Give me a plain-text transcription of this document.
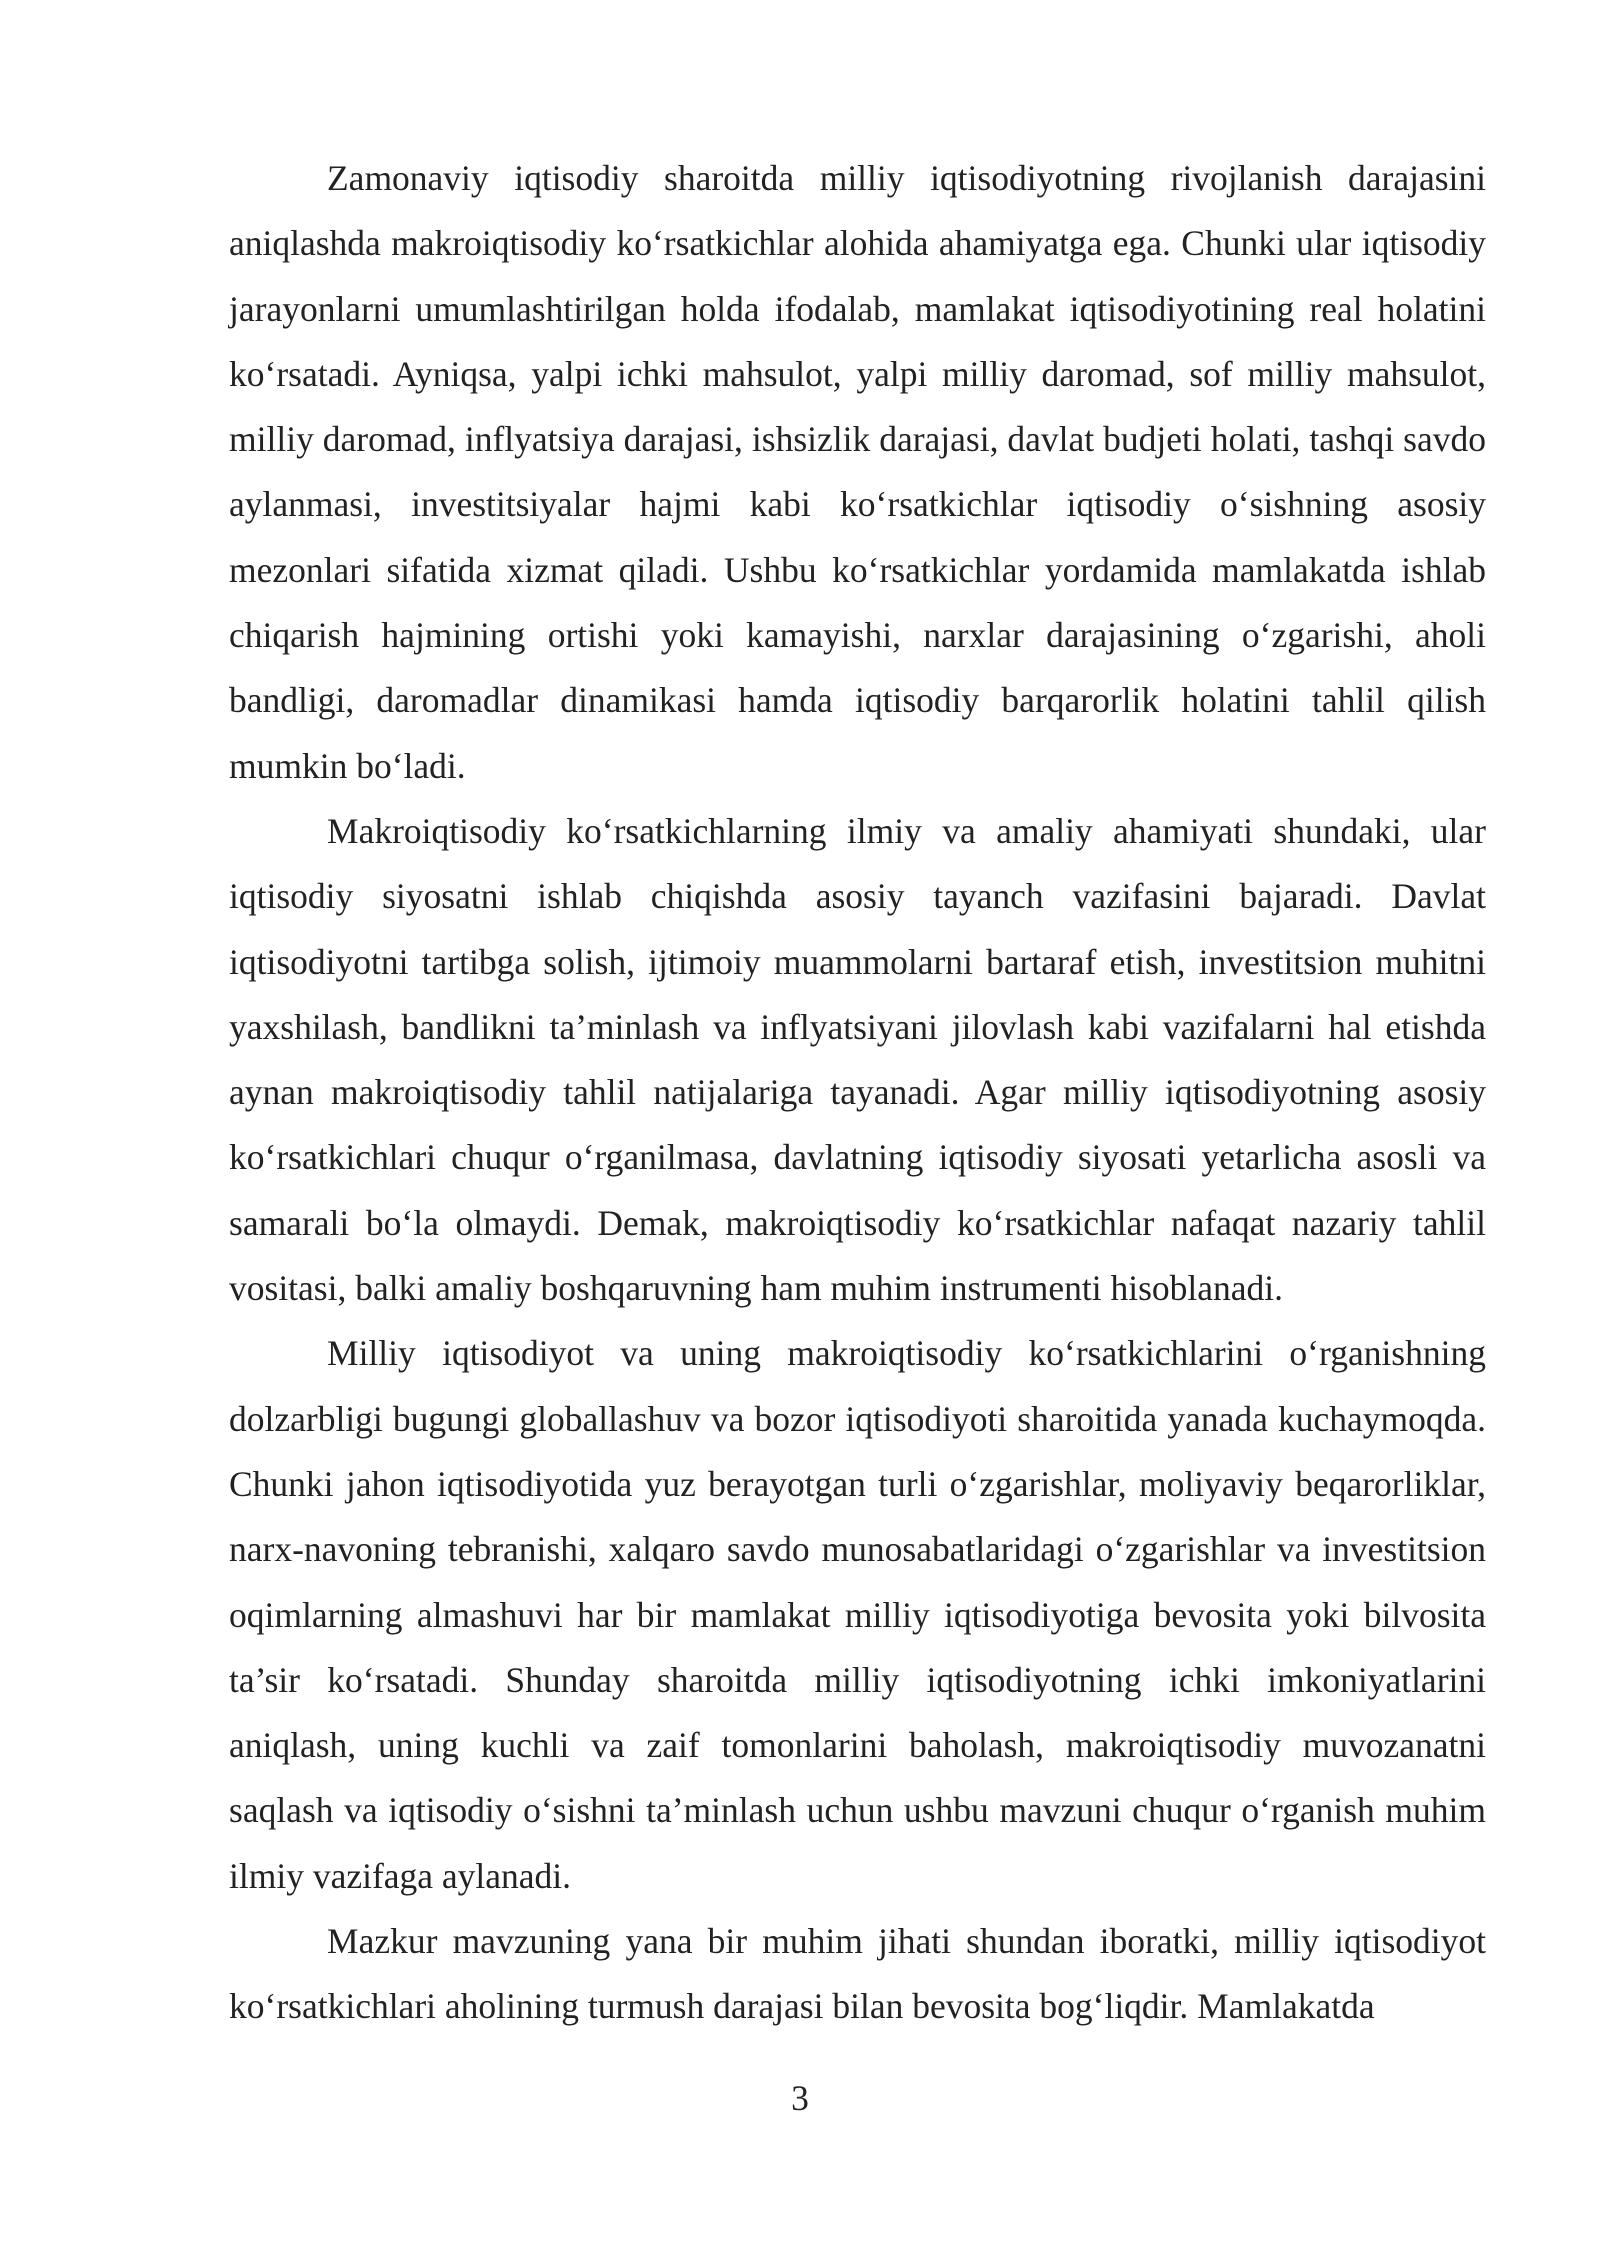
Zamonaviy iqtisodiy sharoitda milliy iqtisodiyotning rivojlanish darajasini aniqlashda makroiqtisodiy ko‘rsatkichlar alohida ahamiyatga ega. Chunki ular iqtisodiy jarayonlarni umumlashtirilgan holda ifodalab, mamlakat iqtisodiyotining real holatini ko‘rsatadi. Ayniqsa, yalpi ichki mahsulot, yalpi milliy daromad, sof milliy mahsulot, milliy daromad, inflyatsiya darajasi, ishsizlik darajasi, davlat budjeti holati, tashqi savdo aylanmasi, investitsiyalar hajmi kabi ko‘rsatkichlar iqtisodiy o‘sishning asosiy mezonlari sifatida xizmat qiladi. Ushbu ko‘rsatkichlar yordamida mamlakatda ishlab chiqarish hajmining ortishi yoki kamayishi, narxlar darajasining o‘zgarishi, aholi bandligi, daromadlar dinamikasi hamda iqtisodiy barqarorlik holatini tahlil qilish mumkin bo‘ladi.

Makroiqtisodiy ko‘rsatkichlarning ilmiy va amaliy ahamiyati shundaki, ular iqtisodiy siyosatni ishlab chiqishda asosiy tayanch vazifasini bajaradi. Davlat iqtisodiyotni tartibga solish, ijtimoiy muammolarni bartaraf etish, investitsion muhitni yaxshilash, bandlikni ta’minlash va inflyatsiyani jilovlash kabi vazifalarni hal etishda aynan makroiqtisodiy tahlil natijalariga tayanadi. Agar milliy iqtisodiyotning asosiy ko‘rsatkichlari chuqur o‘rganilmasa, davlatning iqtisodiy siyosati yetarlicha asosli va samarali bo‘la olmaydi. Demak, makroiqtisodiy ko‘rsatkichlar nafaqat nazariy tahlil vositasi, balki amaliy boshqaruvning ham muhim instrumenti hisoblanadi.

Milliy iqtisodiyot va uning makroiqtisodiy ko‘rsatkichlarini o‘rganishning dolzarbligi bugungi globallashuv va bozor iqtisodiyoti sharoitida yanada kuchaymoqda. Chunki jahon iqtisodiyotida yuz berayotgan turli o‘zgarishlar, moliyaviy beqarorliklar, narx-navoning tebranishi, xalqaro savdo munosabatlaridagi o‘zgarishlar va investitsion oqimlarning almashuvi har bir mamlakat milliy iqtisodiyotiga bevosita yoki bilvosita ta’sir ko‘rsatadi. Shunday sharoitda milliy iqtisodiyotning ichki imkoniyatlarini aniqlash, uning kuchli va zaif tomonlarini baholash, makroiqtisodiy muvozanatni saqlash va iqtisodiy o‘sishni ta’minlash uchun ushbu mavzuni chuqur o‘rganish muhim ilmiy vazifaga aylanadi.

Mazkur mavzuning yana bir muhim jihati shundan iboratki, milliy iqtisodiyot ko‘rsatkichlari aholining turmush darajasi bilan bevosita bog‘liqdir. Mamlakatda

3
